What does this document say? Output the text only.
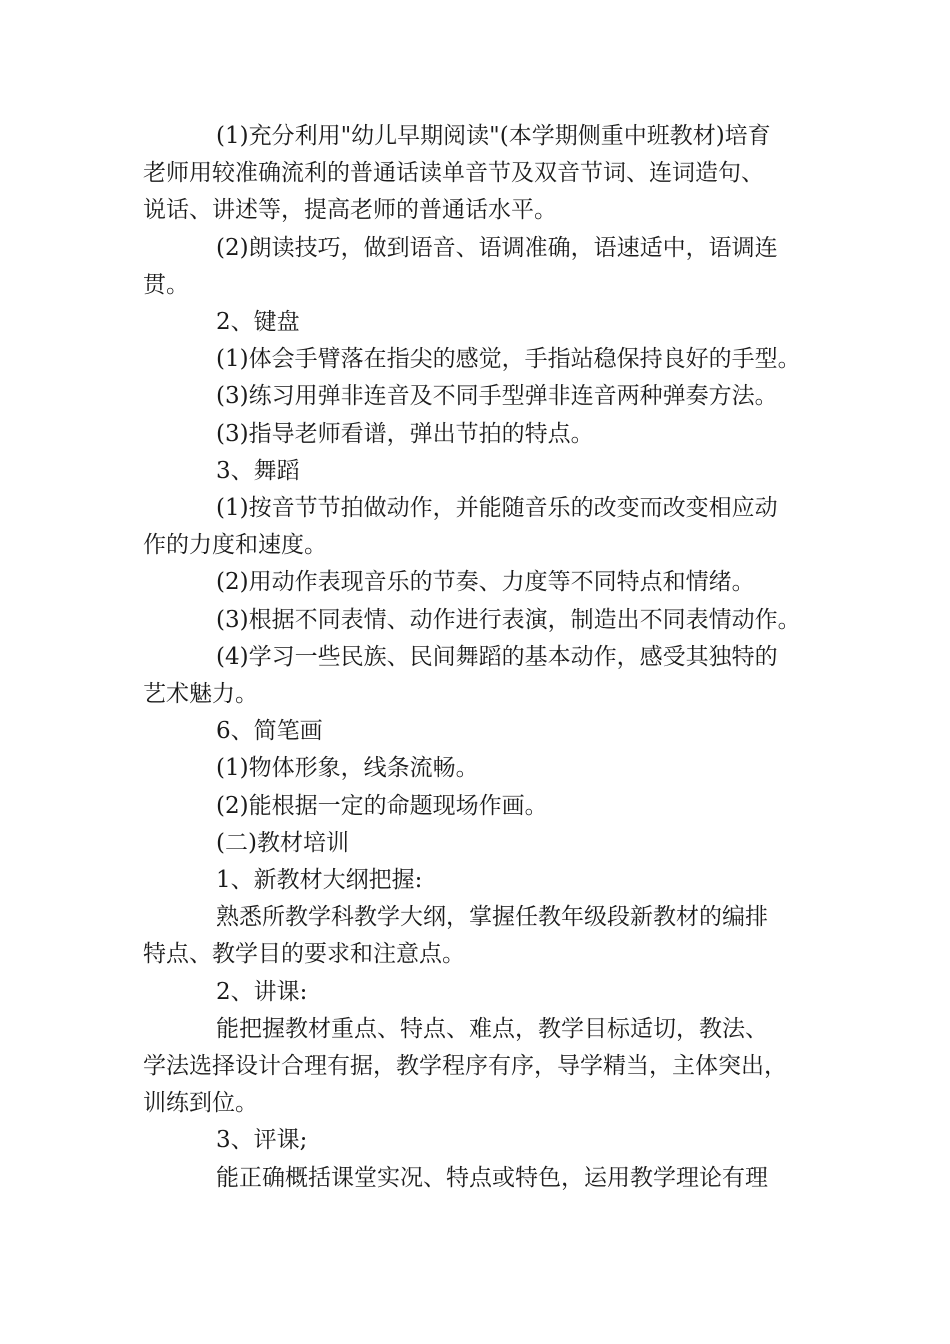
(1)充分利用"幼儿早期阅读"(本学期侧重中班教材)培育
老师用较准确流利的普通话读单音节及双音节词、连词造句、
说话、讲述等，提高老师的普通话水平。
(2)朗读技巧，做到语音、语调准确，语速适中，语调连
贯。
2、键盘
(1)体会手臂落在指尖的感觉，手指站稳保持良好的手型。
(3)练习用弹非连音及不同手型弹非连音两种弹奏方法。
(3)指导老师看谱，弹出节拍的特点。
3、舞蹈
(1)按音节节拍做动作，并能随音乐的改变而改变相应动
作的力度和速度。
(2)用动作表现音乐的节奏、力度等不同特点和情绪。
(3)根据不同表情、动作进行表演，制造出不同表情动作。
(4)学习一些民族、民间舞蹈的基本动作，感受其独特的
艺术魅力。
6、简笔画
(1)物体形象，线条流畅。
(2)能根据一定的命题现场作画。
(二)教材培训
1、新教材大纲把握:
熟悉所教学科教学大纲，掌握任教年级段新教材的编排
特点、教学目的要求和注意点。
2、讲课:
能把握教材重点、特点、难点，教学目标适切，教法、
学法选择设计合理有据，教学程序有序，导学精当，主体突出，
训练到位。
3、评课;
能正确概括课堂实况、特点或特色，运用教学理论有理
